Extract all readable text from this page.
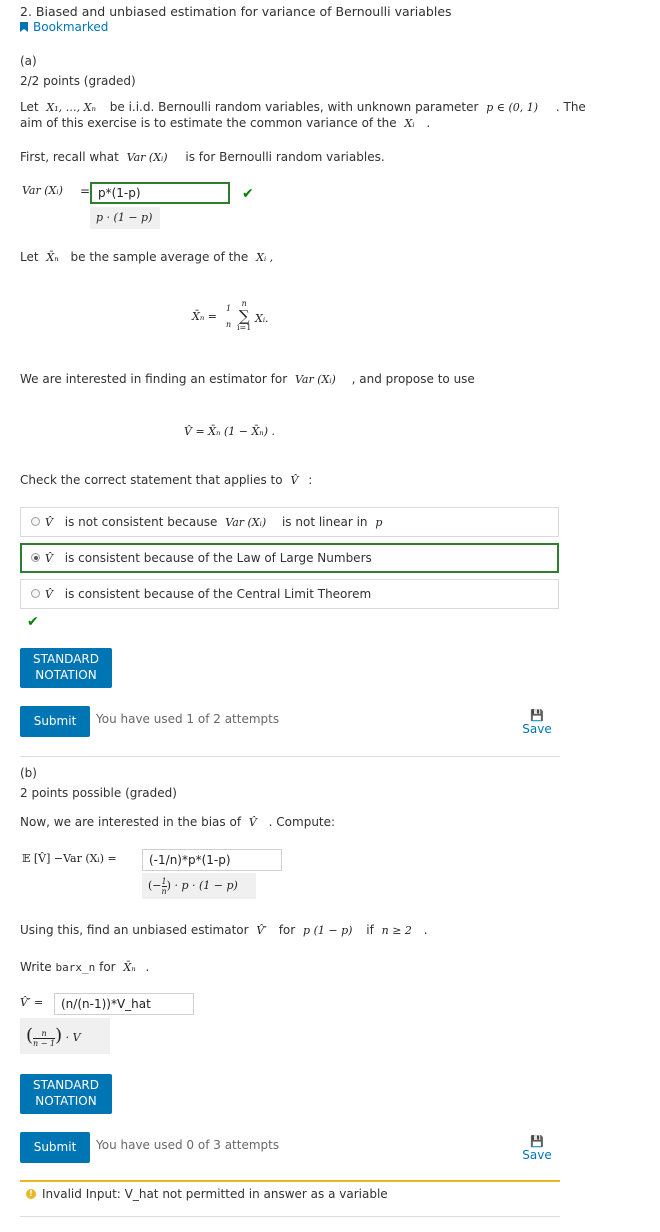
2. Biased and unbiased estimation for variance of Bernoulli variables
Bookmarked
(a)
2/2 points (graded)
Let X₁, …, Xₙ be i.i.d. Bernoulli random variables, with unknown parameter p ∈ (0, 1) . The
aim of this exercise is to estimate the common variance of the Xᵢ .
First, recall what Var (Xᵢ) is for Bernoulli random variables.
Var (Xᵢ) = p*(1-p)	✔
p · (1 − p)
Let X̄ₙ be the sample average of the Xᵢ ,
X̄ₙ =
1
n
n
∑
i=1
Xᵢ.
We are interested in finding an estimator for Var (Xᵢ) , and propose to use
V̂ = X̄ₙ (1 − X̄ₙ) .
Check the correct statement that applies to V̂ :
V̂ is not consistent because Var (Xᵢ) is not linear in p
V̂ is consistent because of the Law of Large Numbers
V̂ is consistent because of the Central Limit Theorem
✔
STANDARD
NOTATION
Submit	You have used 1 of 2 attempts	💾
Save
(b)
2 points possible (graded)
Now, we are interested in the bias of V̂ . Compute:
𝔼 [V̂] −Var (Xᵢ) =	(-1/n)*p*(1-p)
(− $\frac{1}{n}$ ) · p · (1 − p)
Using this, find an unbiased estimator V̂′ for p (1 − p) if n ≥ 2 .
Write barx_n for X̄ₙ .
V̂′ =	(n/(n-1))*V_hat
( $\frac{n}{n - 1}$ ) · V
STANDARD
NOTATION
Submit	You have used 0 of 3 attempts	💾
Save
! Invalid Input: V_hat not permitted in answer as a variable
